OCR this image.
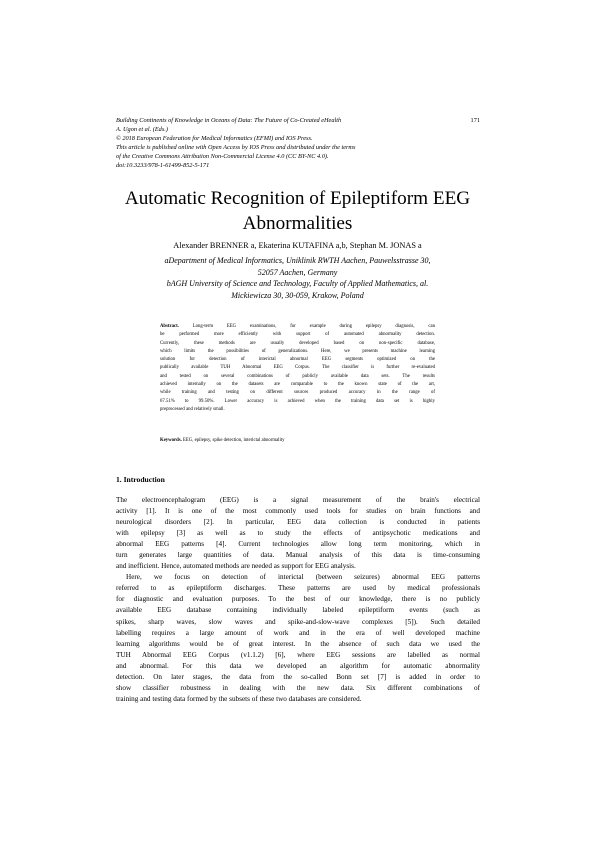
Building Continents of Knowledge in Oceans of Data: The Future of Co-Created eHealth
A. Ugon et al. (Eds.)
© 2018 European Federation for Medical Informatics (EFMI) and IOS Press.
This article is published online with Open Access by IOS Press and distributed under the terms
of the Creative Commons Attribution Non-Commercial License 4.0 (CC BY-NC 4.0).
doi:10.3233/978-1-61499-852-5-171
171
Automatic Recognition of Epileptiform EEG
Abnormalities
Alexander BRENNER a, Ekaterina KUTAFINA a,b, Stephan M. JONAS a
aDepartment of Medical Informatics, Uniklinik RWTH Aachen, Pauwelsstrasse 30,
52057 Aachen, Germany
bAGH University of Science and Technology, Faculty of Applied Mathematics, al.
Mickiewicza 30, 30-059, Krakow, Poland
Abstract. Long-term EEG examinations, for example during epilepsy diagnosis, can
be performed more efficiently with support of automated abnormality detection.
Currently, these methods are usually developed based on non-specific database,
which limits the possibilities of generalizations. Here, we presents machine learning
solution for detection of interictal abnormal EEG segments optimized on the
publically available TUH Abnormal EEG Corpus. The classifier is further re-evaluated
and tested on several combinations of publicly available data sets. The results
achieved internally on the datasets are comparable to the known state of the art,
while training and testing on different sources produced accuracy in the range of
67.51% to 99.50%. Lower accuracy is achieved when the training data set is highly
preprocessed and relatively small.
Keywords. EEG, epilepsy, spike detection, interictal abnormality
1. Introduction
The electroencephalogram (EEG) is a signal measurement of the brain's electrical
activity [1]. It is one of the most commonly used tools for studies on brain functions and
neurological disorders [2]. In particular, EEG data collection is conducted in patients
with epilepsy [3] as well as to study the effects of antipsychotic medications and
abnormal EEG patterns [4]. Current technologies allow long term monitoring, which in
turn generates large quantities of data. Manual analysis of this data is time-consuming
and inefficient. Hence, automated methods are needed as support for EEG analysis.
Here, we focus on detection of interictal (between seizures) abnormal EEG patterns
referred to as epileptiform discharges. These patterns are used by medical professionals
for diagnostic and evaluation purposes. To the best of our knowledge, there is no publicly
available EEG database containing individually labeled epileptiform events (such as
spikes, sharp waves, slow waves and spike-and-slow-wave complexes [5]). Such detailed
labelling requires a large amount of work and in the era of well developed machine
learning algorithms would be of great interest. In the absence of such data we used the
TUH Abnormal EEG Corpus (v1.1.2) [6], where EEG sessions are labelled as normal
and abnormal. For this data we developed an algorithm for automatic abnormality
detection. On later stages, the data from the so-called Bonn set [7] is added in order to
show classifier robustness in dealing with the new data. Six different combinations of
training and testing data formed by the subsets of these two databases are considered.
